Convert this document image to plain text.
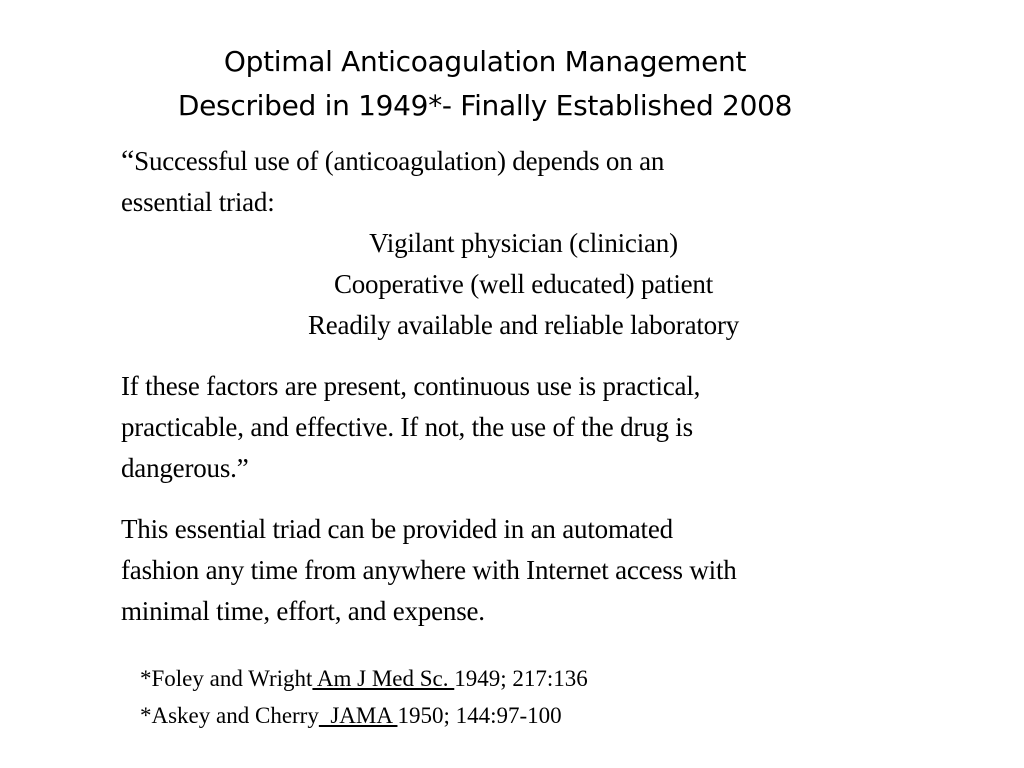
Optimal Anticoagulation Management
Described in 1949*- Finally Established 2008

“Successful use of (anticoagulation) depends on an

essential triad:

Vigilant physician (clinician)

Cooperative (well educated) patient

Readily available and reliable laboratory

If these factors are present, continuous use is practical,

practicable, and effective. If not, the use of the drug is

dangerous.”

This essential triad can be provided in an automated

fashion any time from anywhere with Internet access with

minimal time, effort, and expense.

*Foley and Wright Am J Med Sc. 1949; 217:136
*Askey and Cherry  JAMA 1950; 144:97-100
